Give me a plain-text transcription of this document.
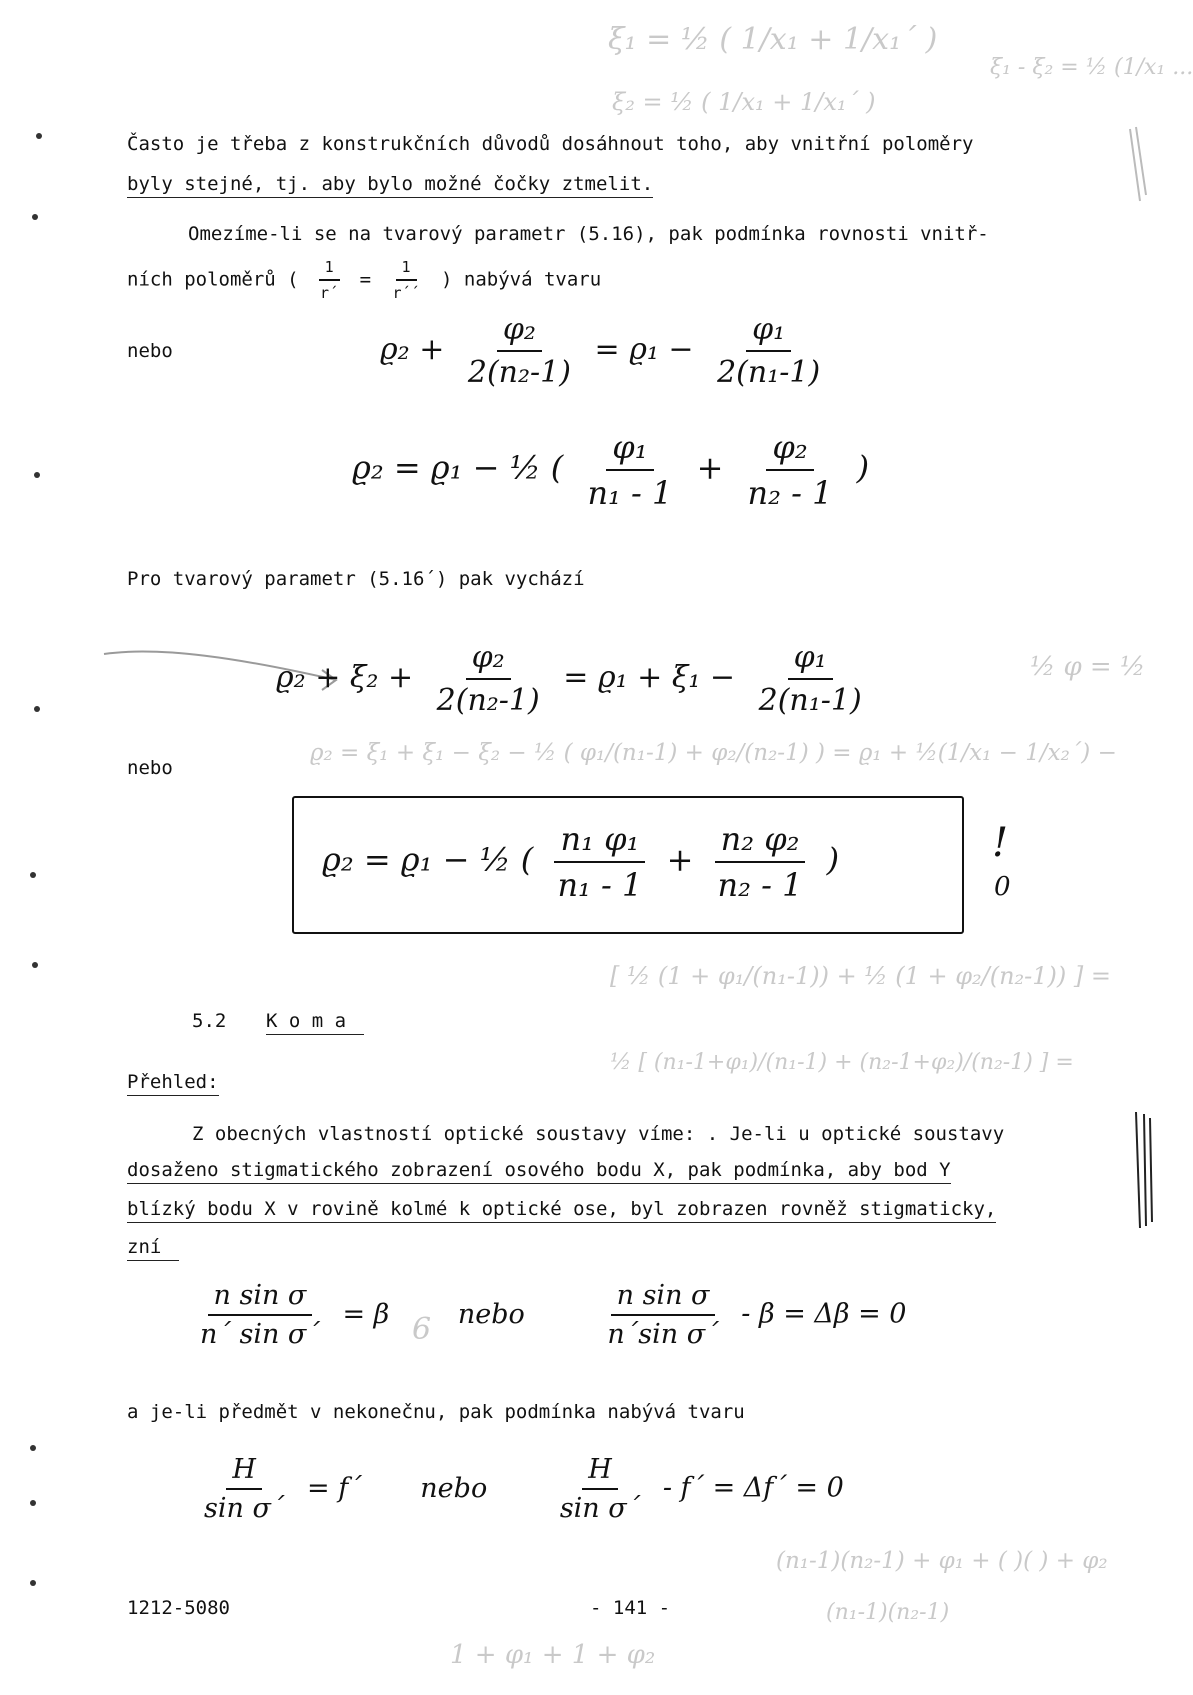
ξ₁ = ½ ( 1/x₁ + 1/x₁´ )
ξ₂ = ½ ( 1/x₁ + 1/x₁´ )
ξ₁ - ξ₂ = ½ (1/x₁ ...
½ φ = ½
ϱ₂ = ξ₁ + ξ₁ − ξ₂ − ½ ( φ₁/(n₁-1) + φ₂/(n₂-1) ) = ϱ₁ + ½(1/x₁ − 1/x₂´) −
[ ½ (1 + φ₁/(n₁-1)) + ½ (1 + φ₂/(n₂-1)) ] =
½ [ (n₁-1+φ₁)/(n₁-1) + (n₂-1+φ₂)/(n₂-1) ] =
(n₁-1)(n₂-1) + φ₁ + ( )( ) + φ₂
(n₁-1)(n₂-1)
1 + φ₁ + 1 + φ₂
6
Často je třeba z konstrukčních důvodů dosáhnout toho, aby vnitřní poloměry
byly stejné, tj. aby bylo možné čočky ztmelit.
Omezíme-li se na tvarový parametr (5.16), pak podmínka rovnosti vnitř-
ních poloměrů ( $\frac{1}{r´} = \frac{1}{r´´}$ ) nabývá tvaru
nebo	$ϱ_2 + \frac{\text{φ₂}}{\text{2(n₂-1)}} = ϱ_1 - \frac{\text{φ₁}}{\text{2(n₁-1)}}$
ϱ₂ = ϱ₁ − ½ ( $\frac{\text{φ₁}}{\text{n₁ - 1}} + \frac{\text{φ₂}}{\text{n₂ - 1}}$ )
Pro tvarový parametr (5.16´) pak vychází
$ϱ_2 + \xi_2 + \frac{\text{φ₂}}{\text{2(n₂-1)}} = ϱ_1 + \xi_1 - \frac{\text{φ₁}}{\text{2(n₁-1)}}$
nebo
ϱ₂ = ϱ₁ − ½ ( $\frac{\text{n₁ φ₁}}{\text{n₁ - 1}} + \frac{\text{n₂ φ₂}}{\text{n₂ - 1}}$ )	!
0
5.2 K o m a
Přehled:
Z obecných vlastností optické soustavy víme: . Je-li u optické soustavy
dosaženo stigmatického zobrazení osového bodu X, pak podmínka, aby bod Y
blízký bodu X v rovině kolmé k optické ose, byl zobrazen rovněž stigmaticky,
zní
$\frac{\text{n sin σ}}{\text{n´ sin σ´}} = \beta$	nebo	$\frac{\text{n sin σ}}{\text{n´sin σ´}} - \beta = \Delta\beta = 0$
a je-li předmět v nekonečnu, pak podmínka nabývá tvaru
$\frac{H}{\text{sin σ´}}$ = f´ nebo $\frac{H}{\text{sin σ´}}$ - f´ = Δf´ = 0
1212-5080	- 141 -
